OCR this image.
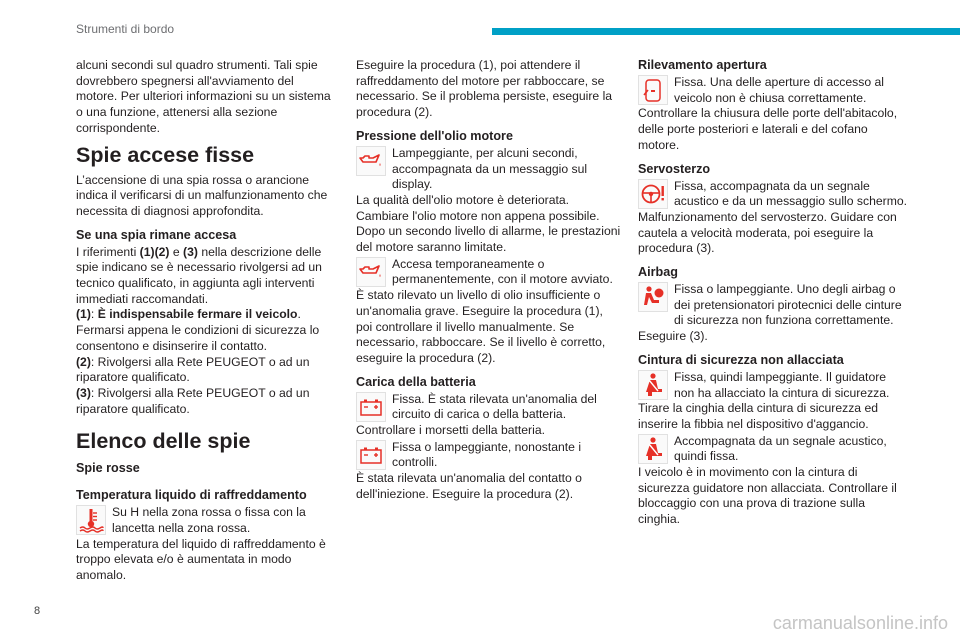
Strumenti di bordo

alcuni secondi sul quadro strumenti. Tali spie dovrebbero spegnersi all'avviamento del motore. Per ulteriori informazioni su un sistema o una funzione, attenersi alla sezione corrispondente.

Spie accese fisse

L’accensione di una spia rossa o arancione indica il verificarsi di un malfunzionamento che necessita di diagnosi approfondita.

Se una spia rimane accesa

I riferimenti (1)(2) e (3) nella descrizione delle spie indicano se è necessario rivolgersi ad un tecnico qualificato, in aggiunta agli interventi immediati raccomandati.

(1): È indispensabile fermare il veicolo. Fermarsi appena le condizioni di sicurezza lo consentono e disinserire il contatto.

(2): Rivolgersi alla Rete PEUGEOT o ad un riparatore qualificato.

(3): Rivolgersi alla Rete PEUGEOT o ad un riparatore qualificato.

Elenco delle spie
Spie rosse
Temperatura liquido di raffreddamento

Su H nella zona rossa o fissa con la lancetta nella zona rossa.

La temperatura del liquido di raffreddamento è troppo elevata e/o è aumentata in modo anomalo.

Eseguire la procedura (1), poi attendere il raffreddamento del motore per rabboccare, se necessario. Se il problema persiste, eseguire la procedura (2).

Pressione dell'olio motore

Lampeggiante, per alcuni secondi, accompagnata da un messaggio sul display.

La qualità dell'olio motore è deteriorata. Cambiare l'olio motore non appena possibile. Dopo un secondo livello di allarme, le prestazioni del motore saranno limitate.

Accesa temporaneamente o permanentemente, con il motore avviato.

È stato rilevato un livello di olio insufficiente o un'anomalia grave. Eseguire la procedura (1), poi controllare il livello manualmente. Se necessario, rabboccare. Se il livello è corretto, eseguire la procedura (2).

Carica della batteria

Fissa. È stata rilevata un'anomalia del circuito di carica o della batteria.

Controllare i morsetti della batteria.

Fissa o lampeggiante, nonostante i controlli.

È stata rilevata un'anomalia del contatto o dell'iniezione. Eseguire la procedura (2).

Rilevamento apertura

Fissa. Una delle aperture di accesso al veicolo non è chiusa correttamente.

Controllare la chiusura delle porte dell'abitacolo, delle porte posteriori e laterali e del cofano motore.

Servosterzo

Fissa, accompagnata da un segnale acustico e da un messaggio sullo schermo.

Malfunzionamento del servosterzo. Guidare con cautela a velocità moderata, poi eseguire la procedura (3).

Airbag

Fissa o lampeggiante. Uno degli airbag o dei pretensionatori pirotecnici delle cinture di sicurezza non funziona correttamente.

Eseguire (3).

Cintura di sicurezza non allacciata

Fissa, quindi lampeggiante. Il guidatore non ha allacciato la cintura di sicurezza.

Tirare la cinghia della cintura di sicurezza ed inserire la fibbia nel dispositivo d'aggancio.

Accompagnata da un segnale acustico, quindi fissa.

I veicolo è in movimento con la cintura di sicurezza guidatore non allacciata. Controllare il bloccaggio con una prova di trazione sulla cinghia.

8
carmanualsonline.info
